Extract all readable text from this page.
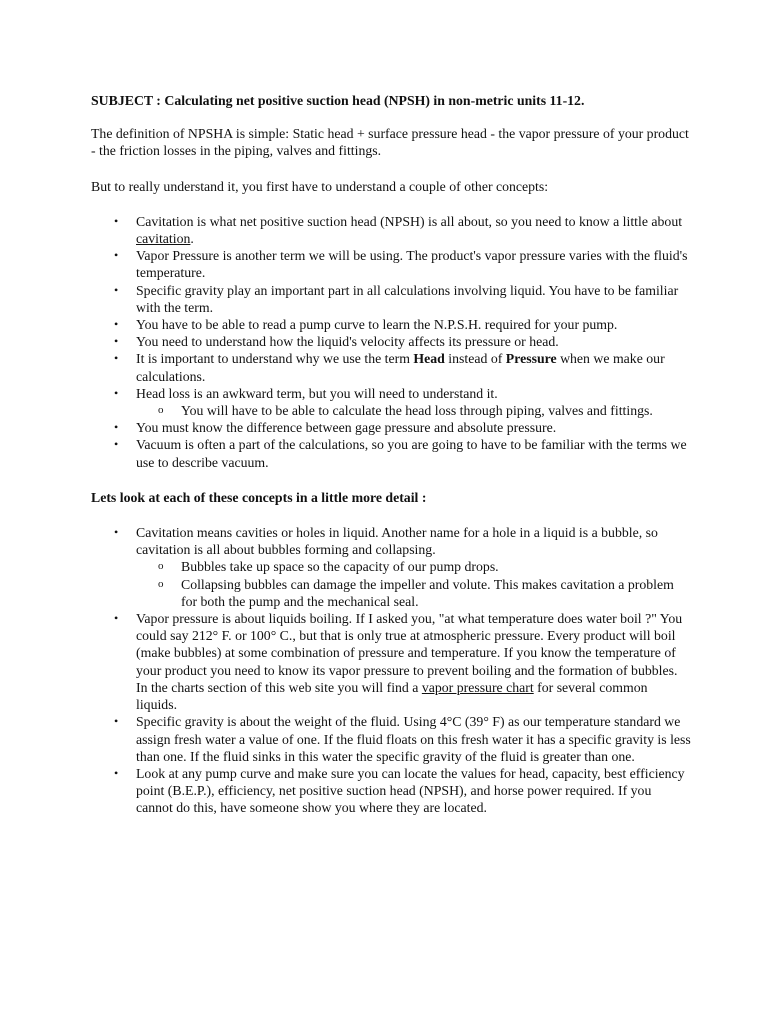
SUBJECT : Calculating net positive suction head (NPSH) in non-metric units 11-12.

The definition of NPSHA is simple: Static head + surface pressure head - the vapor pressure of your product - the friction losses in the piping, valves and fittings.

But to really understand it, you first have to understand a couple of other concepts:

• Cavitation is what net positive suction head (NPSH) is all about, so you need to know a little about cavitation.
• Vapor Pressure is another term we will be using. The product's vapor pressure varies with the fluid's temperature.
• Specific gravity play an important part in all calculations involving liquid. You have to be familiar with the term.
• You have to be able to read a pump curve to learn the N.P.S.H. required for your pump.
• You need to understand how the liquid's velocity affects its pressure or head.
• It is important to understand why we use the term Head instead of Pressure when we make our calculations.
• Head loss is an awkward term, but you will need to understand it.
o You will have to be able to calculate the head loss through piping, valves and fittings.
• You must know the difference between gage pressure and absolute pressure.
• Vacuum is often a part of the calculations, so you are going to have to be familiar with the terms we use to describe vacuum.

Lets look at each of these concepts in a little more detail :

• Cavitation means cavities or holes in liquid. Another name for a hole in a liquid is a bubble, so cavitation is all about bubbles forming and collapsing.
o Bubbles take up space so the capacity of our pump drops.
o Collapsing bubbles can damage the impeller and volute. This makes cavitation a problem for both the pump and the mechanical seal.
• Vapor pressure is about liquids boiling. If I asked you, "at what temperature does water boil ?" You could say 212° F. or 100° C., but that is only true at atmospheric pressure. Every product will boil (make bubbles) at some combination of pressure and temperature. If you know the temperature of your product you need to know its vapor pressure to prevent boiling and the formation of bubbles. In the charts section of this web site you will find a vapor pressure chart for several common liquids.
• Specific gravity is about the weight of the fluid. Using 4°C (39° F) as our temperature standard we assign fresh water a value of one. If the fluid floats on this fresh water it has a specific gravity is less than one. If the fluid sinks in this water the specific gravity of the fluid is greater than one.
• Look at any pump curve and make sure you can locate the values for head, capacity, best efficiency point (B.E.P.), efficiency, net positive suction head (NPSH), and horse power required. If you cannot do this, have someone show you where they are located.
